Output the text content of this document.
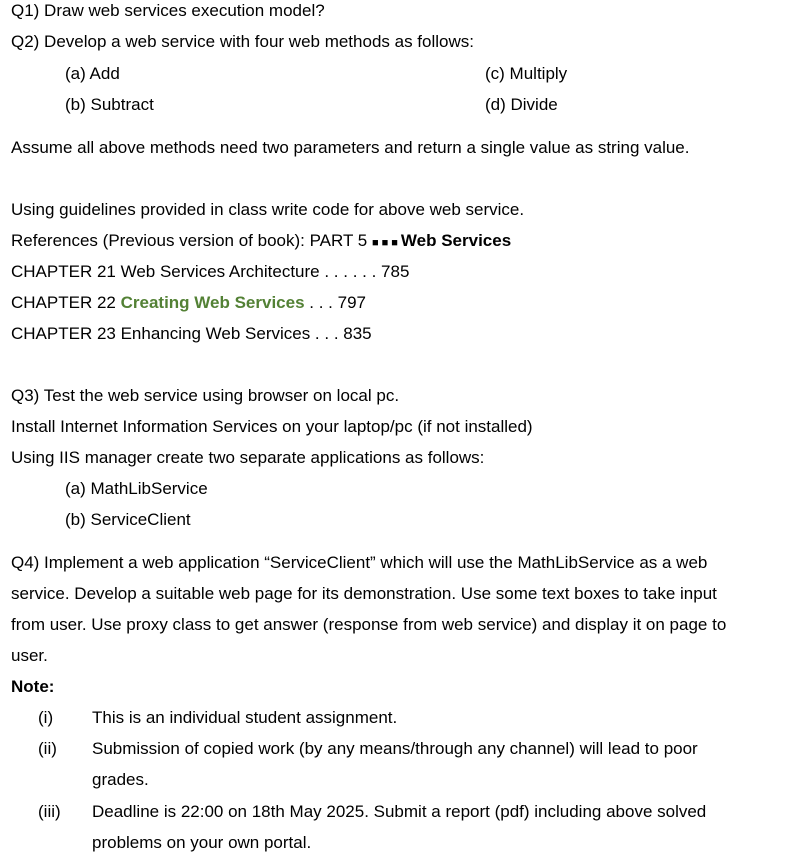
Q1) Draw web services execution model?
Q2) Develop a web service with four web methods as follows:
(a) Add	(c) Multiply
(b) Subtract	(d) Divide
Assume all above methods need two parameters and return a single value as string value.
Using guidelines provided in class write code for above web service.
References (Previous version of book): PART 5 ■■■Web Services
CHAPTER 21 Web Services Architecture . . . . . . 785
CHAPTER 22 Creating Web Services . . . 797
CHAPTER 23 Enhancing Web Services . . . 835
Q3) Test the web service using browser on local pc.
Install Internet Information Services on your laptop/pc (if not installed)
Using IIS manager create two separate applications as follows:
(a) MathLibService
(b) ServiceClient
Q4) Implement a web application “ServiceClient” which will use the MathLibService as a web
service. Develop a suitable web page for its demonstration. Use some text boxes to take input
from user. Use proxy class to get answer (response from web service) and display it on page to
user.
Note:
(i) This is an individual student assignment.
(ii) Submission of copied work (by any means/through any channel) will lead to poor
grades.
(iii) Deadline is 22:00 on 18th May 2025. Submit a report (pdf) including above solved
problems on your own portal.
